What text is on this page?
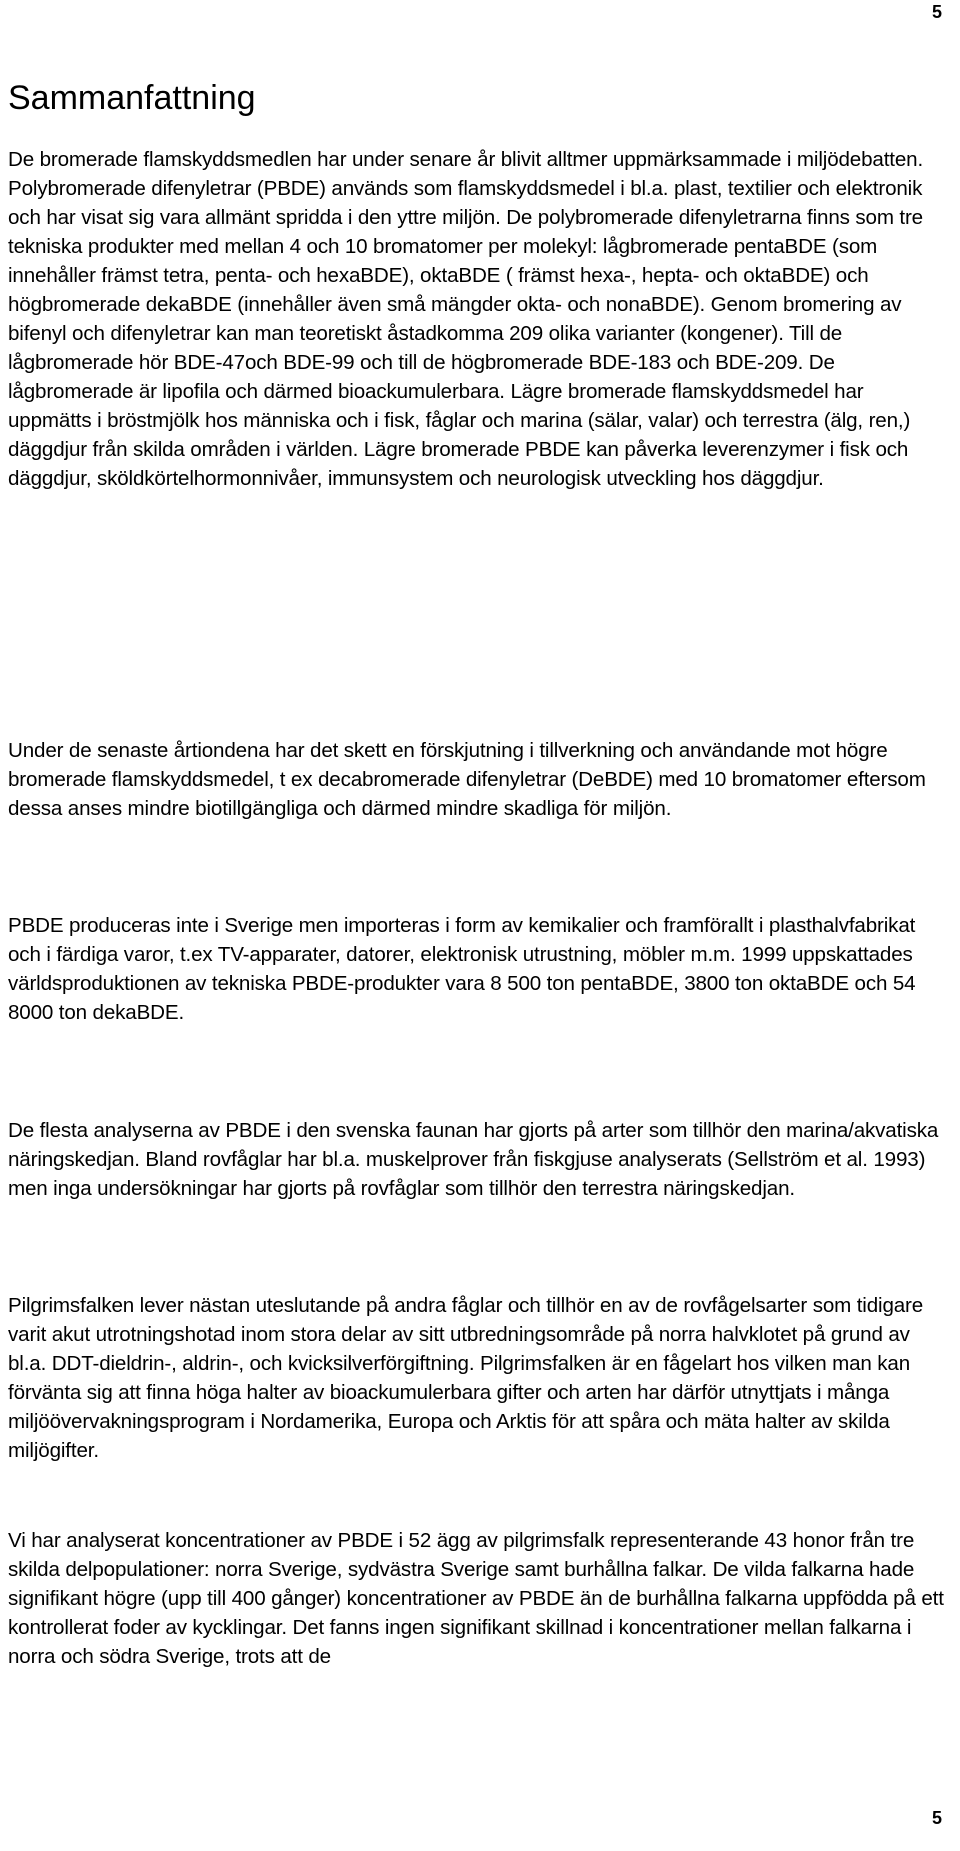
5
Sammanfattning

De bromerade flamskyddsmedlen har under senare år blivit alltmer uppmärksammade i miljödebatten. Polybromerade difenyletrar (PBDE) används som flamskyddsmedel i bl.a. plast, textilier och elektronik och har visat sig vara allmänt spridda i den yttre miljön. De polybromerade difenyletrarna finns som tre tekniska produkter med mellan 4 och 10 bromatomer per molekyl: lågbromerade pentaBDE (som innehåller främst tetra, penta- och hexaBDE), oktaBDE ( främst hexa-, hepta- och oktaBDE) och högbromerade dekaBDE (innehåller även små mängder okta- och nonaBDE). Genom bromering av bifenyl och difenyletrar kan man teoretiskt åstadkomma 209 olika varianter (kongener). Till de lågbromerade hör BDE-47och BDE-99 och till de högbromerade BDE-183 och BDE-209. De lågbromerade är lipofila och därmed bioackumulerbara. Lägre bromerade flamskyddsmedel har uppmätts i bröstmjölk hos människa och i fisk, fåglar och marina (sälar, valar) och terrestra (älg, ren,) däggdjur från skilda områden i världen. Lägre bromerade PBDE kan påverka leverenzymer i fisk och däggdjur, sköldkörtelhormonnivåer, immunsystem och neurologisk utveckling hos däggdjur.

Under de senaste årtiondena har det skett en förskjutning i tillverkning och användande mot högre bromerade flamskyddsmedel, t ex decabromerade difenyletrar (DeBDE) med 10 bromatomer eftersom dessa anses mindre biotillgängliga och därmed mindre skadliga för miljön.

PBDE produceras inte i Sverige men importeras i form av kemikalier och framförallt i plasthalvfabrikat och i färdiga varor, t.ex TV-apparater, datorer, elektronisk utrustning, möbler m.m. 1999 uppskattades världsproduktionen av tekniska PBDE-produkter vara 8 500 ton pentaBDE, 3800 ton oktaBDE och 54 8000 ton dekaBDE.

De flesta analyserna av PBDE i den svenska faunan har gjorts på arter som tillhör den marina/akvatiska näringskedjan. Bland rovfåglar har bl.a. muskelprover från fiskgjuse analyserats (Sellström et al. 1993) men inga undersökningar har gjorts på rovfåglar som tillhör den terrestra näringskedjan.

Pilgrimsfalken lever nästan uteslutande på andra fåglar och tillhör en av de rovfågelsarter som tidigare varit akut utrotningshotad inom stora delar av sitt utbredningsområde på norra halvklotet på grund av bl.a. DDT-dieldrin-, aldrin-, och kvicksilverförgiftning. Pilgrimsfalken är en fågelart hos vilken man kan förvänta sig att finna höga halter av bioackumulerbara gifter och arten har därför utnyttjats i många miljöövervakningsprogram i Nordamerika, Europa och Arktis för att spåra och mäta halter av skilda miljögifter.

Vi har analyserat koncentrationer av PBDE i 52 ägg av pilgrimsfalk representerande 43 honor från tre skilda delpopulationer: norra Sverige, sydvästra Sverige samt burhållna falkar. De vilda falkarna hade signifikant högre (upp till 400 gånger) koncentrationer av PBDE än de burhållna falkarna uppfödda på ett kontrollerat foder av kycklingar. Det fanns ingen signifikant skillnad i koncentrationer mellan falkarna i norra och södra Sverige, trots att de

5
